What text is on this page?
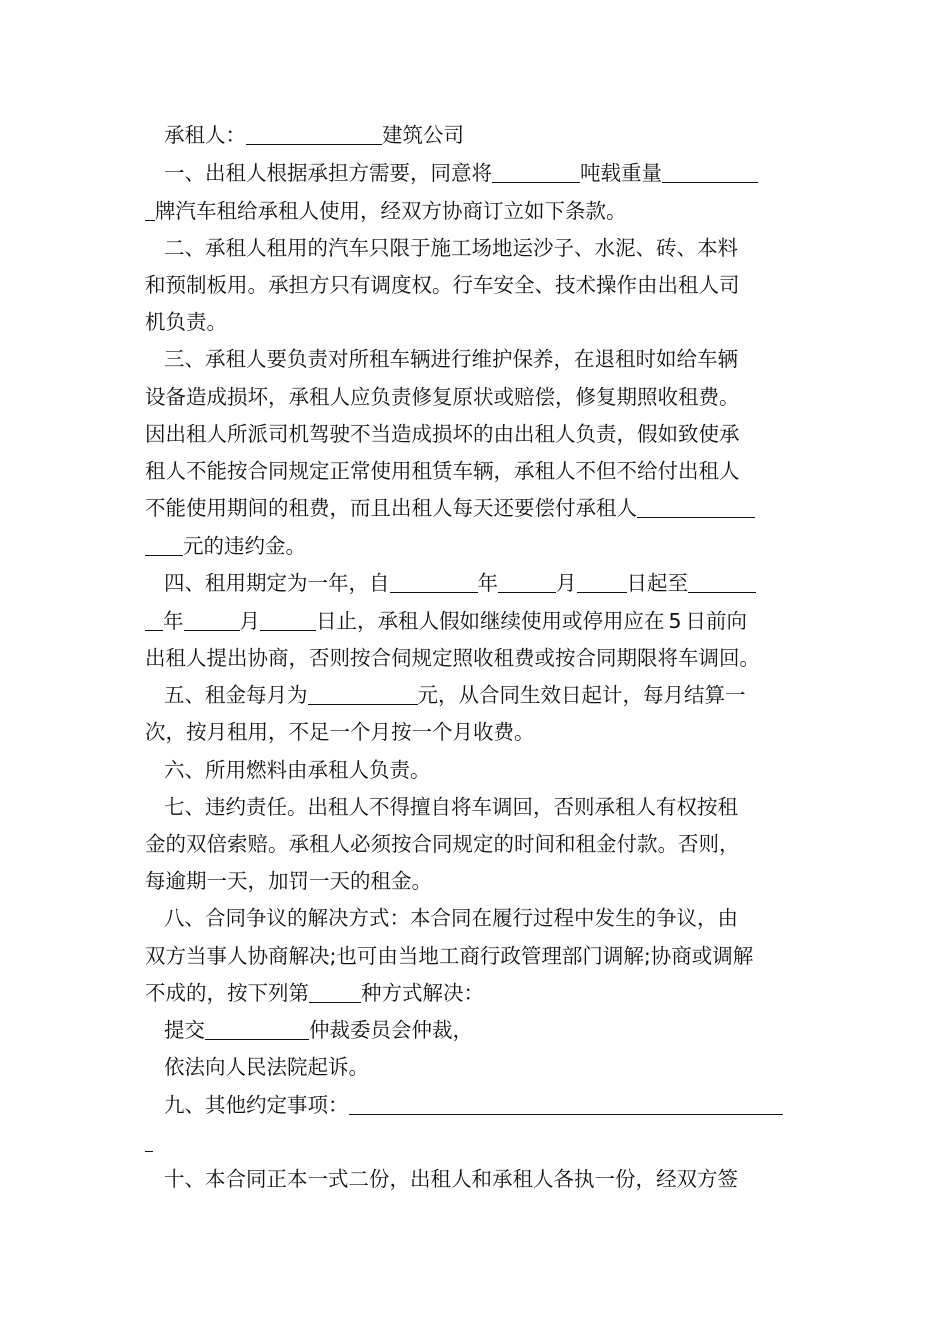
承租人：	建筑公司
一、出租人根据承担方需要，同意将	吨载重量
牌汽车租给承租人使用，经双方协商订立如下条款。
二、承租人租用的汽车只限于施工场地运沙子、水泥、砖、本料
和预制板用。承担方只有调度权。行车安全、技术操作由出租人司
机负责。
三、承租人要负责对所租车辆进行维护保养，在退租时如给车辆
设备造成损坏，承租人应负责修复原状或赔偿，修复期照收租费。
因出租人所派司机驾驶不当造成损坏的由出租人负责，假如致使承
租人不能按合同规定正常使用租赁车辆，承租人不但不给付出租人
不能使用期间的租费，而且出租人每天还要偿付承租人
元的违约金。
四、租用期定为一年，自	年	月 日起至
年	月	日止，承租人假如继续使用或停用应在 5 日前向
出租人提出协商，否则按合伺规定照收租费或按合同期限将车调回。
五、租金每月为	元，从合同生效日起计，每月结算一
次，按月租用，不足一个月按一个月收费。
六、所用燃料由承租人负责。
七、违约责任。出租人不得擅自将车调回，否则承租人有权按租
金的双倍索赔。承租人必须按合同规定的时间和租金付款。否则，
每逾期一天，加罚一天的租金。
八、合同争议的解决方式：本合同在履行过程中发生的争议，由
双方当事人协商解决;也可由当地工商行政管理部门调解;协商或调解
不成的，按下列第	种方式解决：
提交	仲裁委员会仲裁，
依法向人民法院起诉。
九、其他约定事项：
十、本合同正本一式二份，出租人和承租人各执一份，经双方签
